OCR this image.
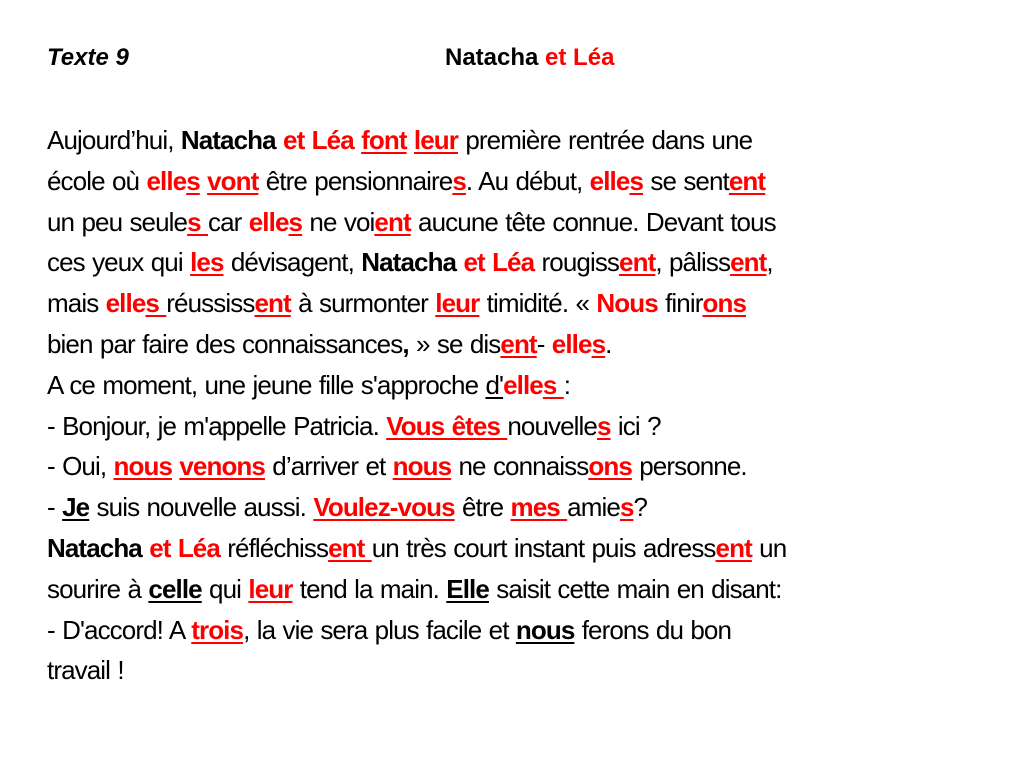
Texte 9	Natacha et Léa
Aujourd’hui, Natacha et Léa font leur première rentrée dans une
école où elles vont être pensionnaires. Au début, elles se sentent
un peu seules car elles ne voient aucune tête connue. Devant tous
ces yeux qui les dévisagent, Natacha et Léa rougissent, pâlissent,
mais elles réussissent à surmonter leur timidité. « Nous finirons
bien par faire des connaissances, » se disent- elles.
A ce moment, une jeune fille s'approche d'elles :
- Bonjour, je m'appelle Patricia. Vous êtes nouvelles ici ?
- Oui, nous venons d’arriver et nous ne connaissons personne.
- Je suis nouvelle aussi. Voulez-vous être mes amies?
Natacha et Léa réfléchissent un très court instant puis adressent un
sourire à celle qui leur tend la main. Elle saisit cette main en disant:
- D'accord! A trois, la vie sera plus facile et nous ferons du bon
travail !
